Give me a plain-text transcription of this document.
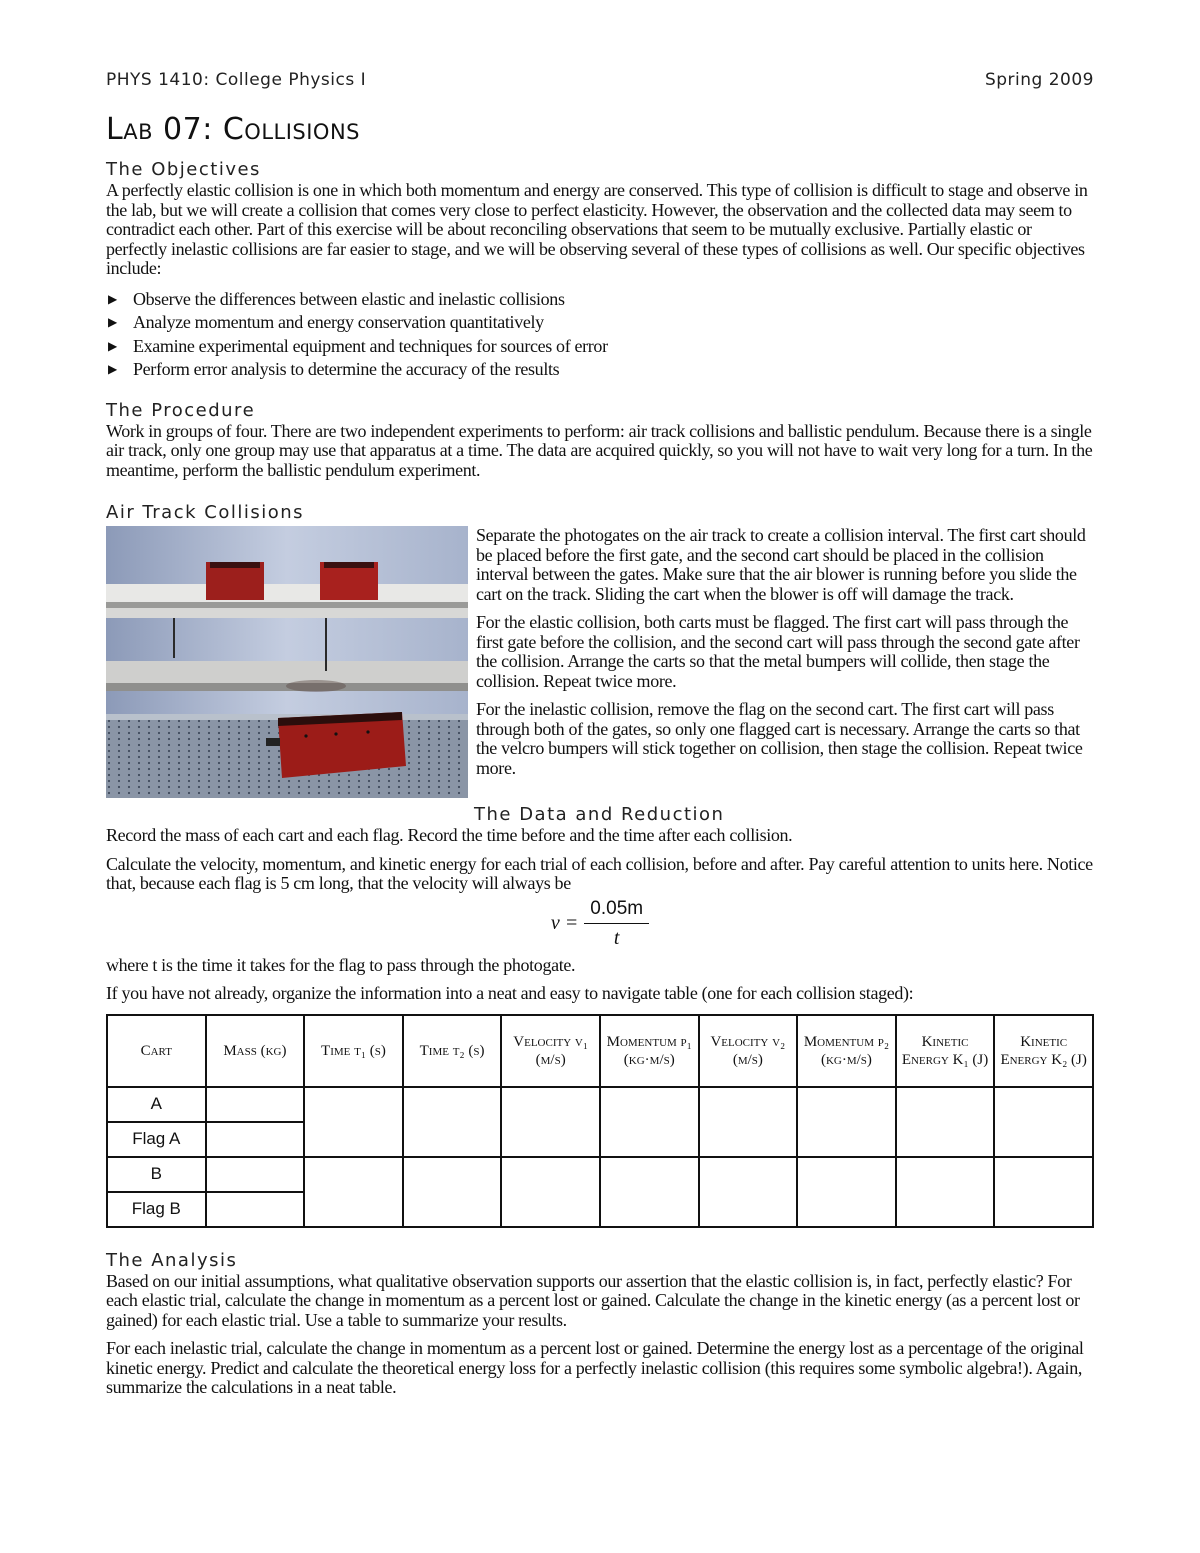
PHYS 1410: College Physics I	Spring 2009
Lab 07: Collisions
The Objectives

A perfectly elastic collision is one in which both momentum and energy are conserved. This type of collision is difficult to stage and observe in the lab, but we will create a collision that comes very close to perfect elasticity. However, the observation and the collected data may seem to contradict each other. Part of this exercise will be about reconciling observations that seem to be mutually exclusive. Partially elastic or perfectly inelastic collisions are far easier to stage, and we will be observing several of these types of collisions as well. Our specific objectives include:

▶ Observe the differences between elastic and inelastic collisions
▶ Analyze momentum and energy conservation quantitatively
▶ Examine experimental equipment and techniques for sources of error
▶ Perform error analysis to determine the accuracy of the results
The Procedure

Work in groups of four. There are two independent experiments to perform: air track collisions and ballistic pendulum. Because there is a single air track, only one group may use that apparatus at a time. The data are acquired quickly, so you will not have to wait very long for a turn. In the meantime, perform the ballistic pendulum experiment.

Air Track Collisions

Separate the photogates on the air track to create a collision interval. The first cart should be placed before the first gate, and the second cart should be placed in the collision interval between the gates. Make sure that the air blower is running before you slide the cart on the track. Sliding the cart when the blower is off will damage the track.

For the elastic collision, both carts must be flagged. The first cart will pass through the first gate before the collision, and the second cart will pass through the second gate after the collision. Arrange the carts so that the metal bumpers will collide, then stage the collision. Repeat twice more.

For the inelastic collision, remove the flag on the second cart. The first cart will pass through both of the gates, so only one flagged cart is necessary. Arrange the carts so that the velcro bumpers will stick together on collision, then stage the collision. Repeat twice more.

The Data and Reduction

Record the mass of each cart and each flag. Record the time before and the time after each collision.

Calculate the velocity, momentum, and kinetic energy for each trial of each collision, before and after. Pay careful attention to units here. Notice that, because each flag is 5 cm long, that the velocity will always be

$v = \frac{0.05m}{t}$

where t is the time it takes for the flag to pass through the photogate.

If you have not already, organize the information into a neat and easy to navigate table (one for each collision staged):

Cart	Mass (kg)	Time t₁ (s)	Time t₂ (s)	Velocity v₁ (m/s)	Momentum p₁ (kg·m/s)	Velocity v₂ (m/s)	Momentum p₂ (kg·m/s)	Kinetic Energy K₁ (J)	Kinetic Energy K₂ (J)
A									
Flag A									
B									
Flag B									
The Analysis

Based on our initial assumptions, what qualitative observation supports our assertion that the elastic collision is, in fact, perfectly elastic? For each elastic trial, calculate the change in momentum as a percent lost or gained. Calculate the change in the kinetic energy (as a percent lost or gained) for each elastic trial. Use a table to summarize your results.

For each inelastic trial, calculate the change in momentum as a percent lost or gained. Determine the energy lost as a percentage of the original kinetic energy. Predict and calculate the theoretical energy loss for a perfectly inelastic collision (this requires some symbolic algebra!). Again, summarize the calculations in a neat table.
